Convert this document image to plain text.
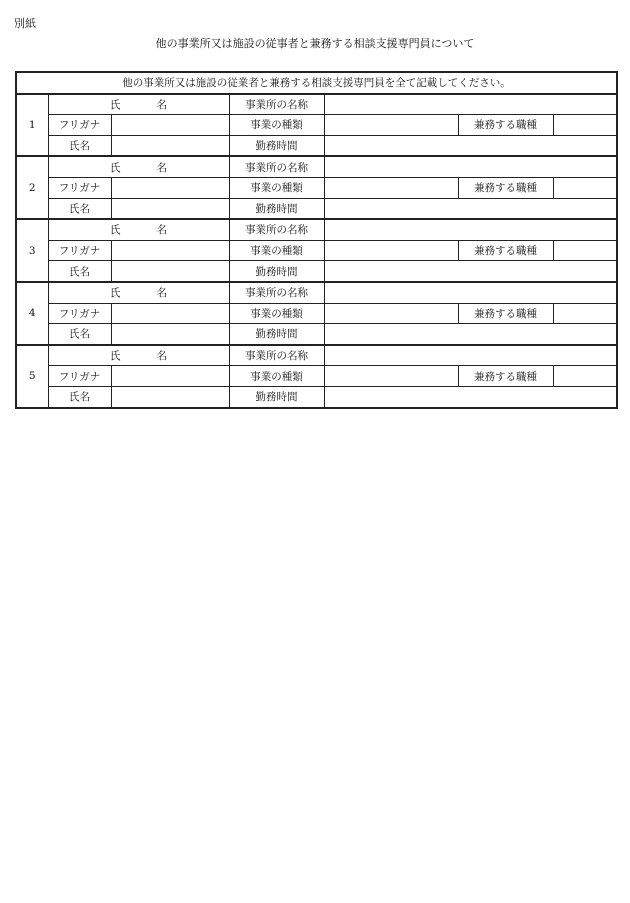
別紙
他の事業所又は施設の従事者と兼務する相談支援専門員について
他の事業所又は施設の従業者と兼務する相談支援専門員を全て記載してください。						
1	氏 名		事業所の名称			
	フリガナ		事業の種類		兼務する職種	
	氏名		勤務時間			
2	氏 名		事業所の名称			
	フリガナ		事業の種類		兼務する職種	
	氏名		勤務時間			
3	氏 名		事業所の名称			
	フリガナ		事業の種類		兼務する職種	
	氏名		勤務時間			
4	氏 名		事業所の名称			
	フリガナ		事業の種類		兼務する職種	
	氏名		勤務時間			
5	氏 名		事業所の名称			
	フリガナ		事業の種類		兼務する職種	
	氏名		勤務時間			
